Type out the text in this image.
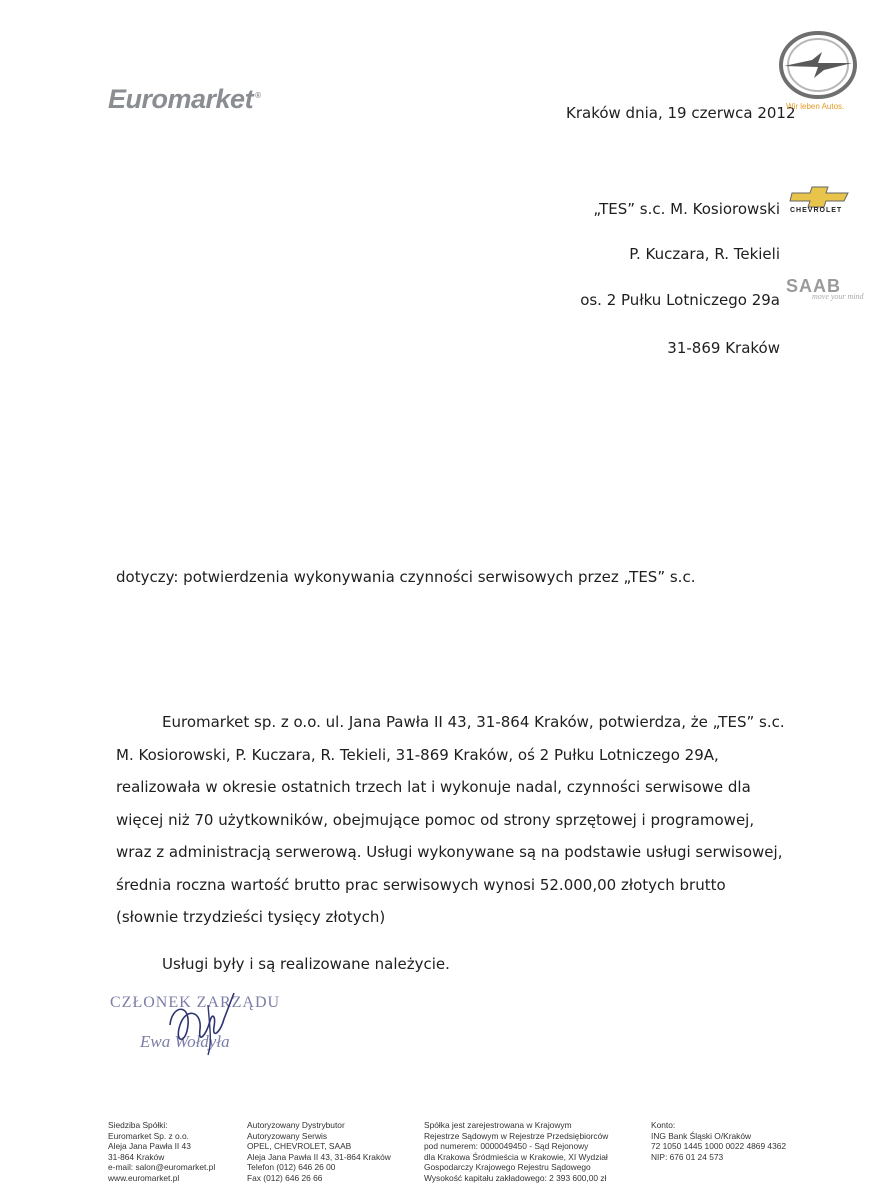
Euromarket ®
Kraków dnia, 19 czerwca 2012
Wir leben Autos.
CHEVROLET
SAAB
move your mind
„TES” s.c. M. Kosiorowski
P. Kuczara, R. Tekieli
os. 2 Pułku Lotniczego 29a
31-869 Kraków
dotyczy: potwierdzenia wykonywania czynności serwisowych przez „TES” s.c.

Euromarket sp. z o.o. ul. Jana Pawła II 43, 31-864 Kraków, potwierdza, że „TES” s.c. M. Kosiorowski, P. Kuczara, R. Tekieli, 31-869 Kraków, oś 2 Pułku Lotniczego 29A, realizowała w okresie ostatnich trzech lat i wykonuje nadal, czynności serwisowe dla więcej niż 70 użytkowników, obejmujące pomoc od strony sprzętowej i programowej, wraz z administracją serwerową. Usługi wykonywane są na podstawie usługi serwisowej, średnia roczna wartość brutto prac serwisowych wynosi 52.000,00 złotych brutto (słownie trzydzieści tysięcy złotych)

Usługi były i są realizowane należycie.

CZŁONEK ZARZĄDU
Ewa Wołdyła
Siedziba Spółki:
Euromarket Sp. z o.o.
Aleja Jana Pawła II 43
31-864 Kraków
e-mail: salon@euromarket.pl
www.euromarket.pl
Autoryzowany Dystrybutor
Autoryzowany Serwis
OPEL, CHEVROLET, SAAB
Aleja Jana Pawła II 43, 31-864 Kraków
Telefon (012) 646 26 00
Fax (012) 646 26 66
Spółka jest zarejestrowana w Krajowym
Rejestrze Sądowym w Rejestrze Przedsiębiorców
pod numerem: 0000049450 - Sąd Rejonowy
dla Krakowa Śródmieścia w Krakowie, XI Wydział
Gospodarczy Krajowego Rejestru Sądowego
Wysokość kapitału zakładowego: 2 393 600,00 zł
Konto:
ING Bank Śląski O/Kraków
72 1050 1445 1000 0022 4869 4362
NIP: 676 01 24 573
